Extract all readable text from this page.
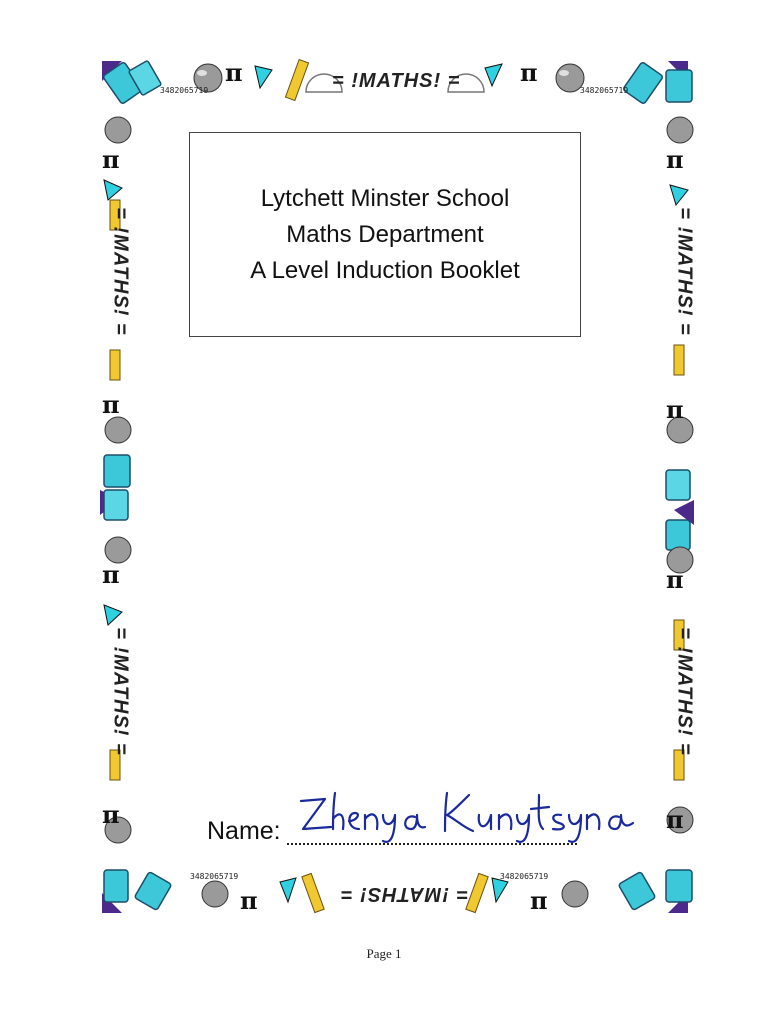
π	π
3482065719	3482065719
= !MATHS! =
π	π
3482065719	3482065719
= !MATHS! =
π
π
π
π
= !MATHS! =
= !MATHS! =
π
π
π
π
= !MATHS! =
= !MATHS! =
Lytchett Minster School
Maths Department
A Level Induction Booklet
Name:
Zhenya Kunytsyna
Page 1
